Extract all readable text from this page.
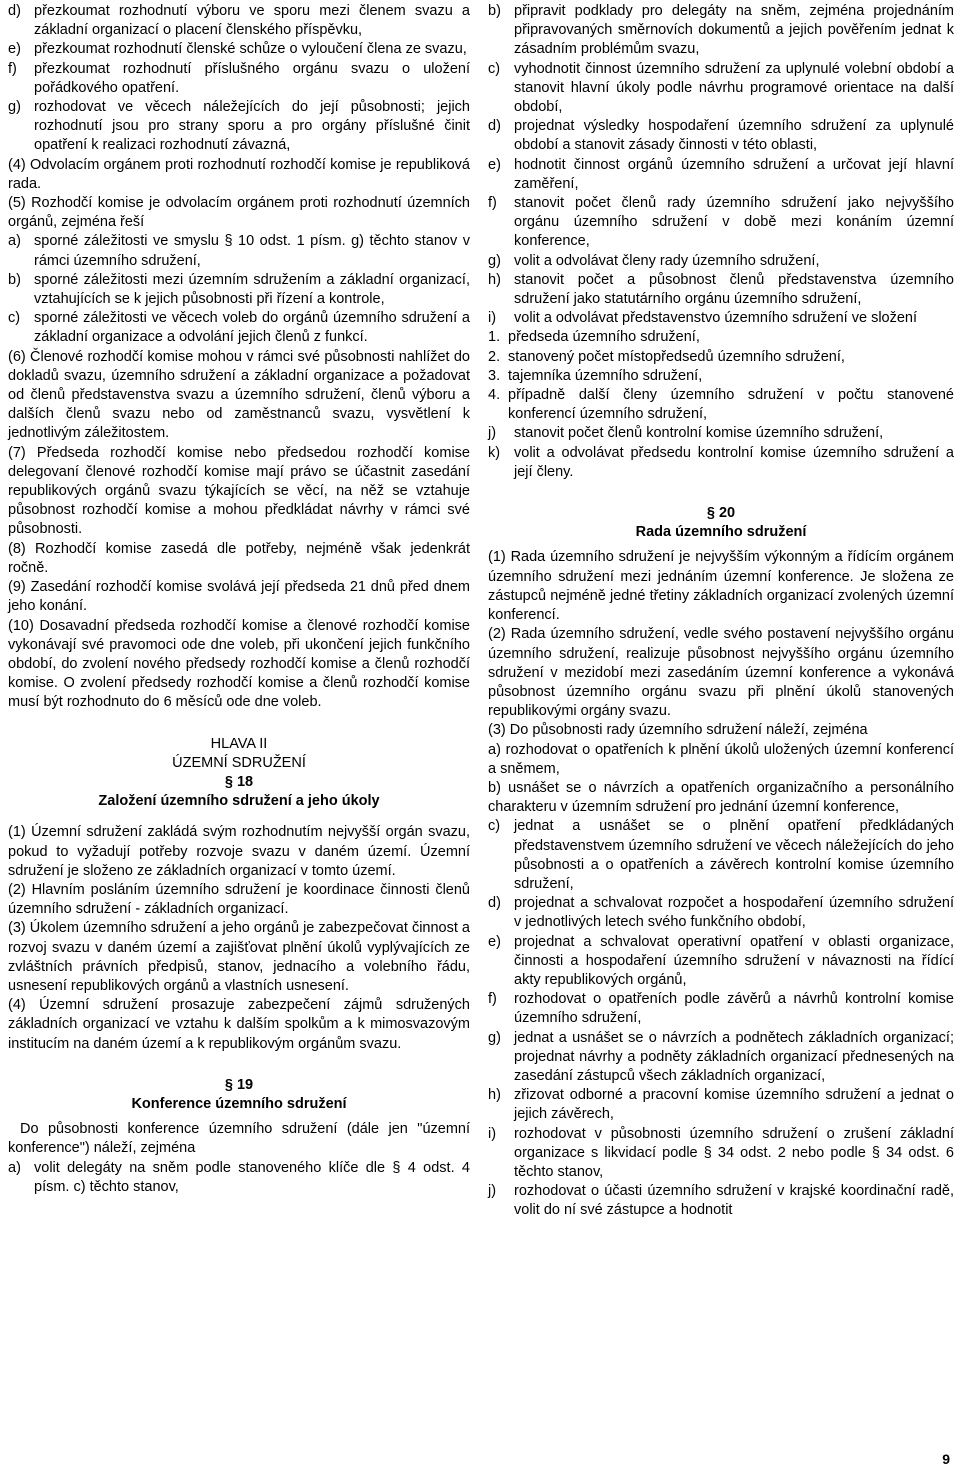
d) přezkoumat rozhodnutí výboru ve sporu mezi členem svazu a základní organizací o placení členského příspěvku,
e) přezkoumat rozhodnutí členské schůze o vyloučení člena ze svazu,
f)	přezkoumat rozhodnutí příslušného orgánu svazu o uložení pořádkového opatření.
g) rozhodovat ve věcech náležejících do její působnosti; jejich rozhodnutí jsou pro strany sporu a pro orgány příslušné činit opatření k realizaci rozhodnutí závazná,

(4) Odvolacím orgánem proti rozhodnutí rozhodčí komise je republiková rada.

(5) Rozhodčí komise je odvolacím orgánem proti rozhodnutí územních orgánů, zejména řeší

a) sporné záležitosti ve smyslu § 10 odst. 1 písm. g) těchto stanov v rámci územního sdružení,
b) sporné záležitosti mezi územním sdružením a základní organizací, vztahujících se k jejich působnosti při řízení a kontrole,
c) sporné záležitosti ve věcech voleb do orgánů územního sdružení a základní organizace a odvolání jejich členů z funkcí.

(6) Členové rozhodčí komise mohou v rámci své působnosti nahlížet do dokladů svazu, územního sdružení a základní organizace a požadovat od členů představenstva svazu a územního sdružení, členů výboru a dalších členů svazu nebo od zaměstnanců svazu, vysvětlení k jednotlivým záležitostem.

(7) Předseda rozhodčí komise nebo předsedou rozhodčí komise delegovaní členové rozhodčí komise mají právo se účastnit zasedání republikových orgánů svazu týkajících se věcí, na něž se vztahuje působnost rozhodčí komise a mohou předkládat návrhy v rámci své působnosti.

(8) Rozhodčí komise zasedá dle potřeby, nejméně však jedenkrát ročně.

(9) Zasedání rozhodčí komise svolává její předseda 21 dnů před dnem jeho konání.

(10) Dosavadní předseda rozhodčí komise a členové rozhodčí komise vykonávají své pravomoci ode dne voleb, při ukončení jejich funkčního období, do zvolení nového předsedy rozhodčí komise a členů rozhodčí komise. O zvolení předsedy rozhodčí komise a členů rozhodčí komise musí být rozhodnuto do 6 měsíců ode dne voleb.

HLAVA II

ÚZEMNÍ SDRUŽENÍ

§ 18

Založení územního sdružení a jeho úkoly

(1) Územní sdružení zakládá svým rozhodnutím nejvyšší orgán svazu, pokud to vyžadují potřeby rozvoje svazu v daném území. Územní sdružení je složeno ze základních organizací v tomto území.

(2) Hlavním posláním územního sdružení je koordinace činnosti členů územního sdružení - základních organizací.

(3) Úkolem územního sdružení a jeho orgánů je zabezpečovat činnost a rozvoj svazu v daném území a zajišťovat plnění úkolů vyplývajících ze zvláštních právních předpisů, stanov, jednacího a volebního řádu, usnesení republikových orgánů a vlastních usnesení.

(4) Územní sdružení prosazuje zabezpečení zájmů sdružených základních organizací ve vztahu k dalším spolkům a k mimosvazovým institucím na daném území a k republikovým orgánům svazu.

§ 19

Konference územního sdružení

Do působnosti konference územního sdružení (dále jen "územní konference") náleží, zejména

a) volit delegáty na sněm podle stanoveného klíče dle § 4 odst. 4 písm. c) těchto stanov,
b) připravit podklady pro delegáty na sněm, zejména projednáním připravovaných směrnovích dokumentů a jejich pověřením jednat k zásadním problémům svazu,
c) vyhodnotit činnost územního sdružení za uplynulé volební období a stanovit hlavní úkoly podle návrhu programové orientace na další období,
d) projednat výsledky hospodaření územního sdružení za uplynulé období a stanovit zásady činnosti v této oblasti,
e) hodnotit činnost orgánů územního sdružení a určovat její hlavní zaměření,
f)	stanovit počet členů rady územního sdružení jako nejvyššího orgánu územního sdružení v době mezi konáním územní konference,
g) volit a odvolávat členy rady územního sdružení,
h) stanovit počet a působnost členů představenstva územního sdružení jako statutárního orgánu územního sdružení,
i)	volit a odvolávat představenstvo územního sdružení ve složení
1. předseda územního sdružení,
2. stanovený počet místopředsedů územního sdružení,
3. tajemníka územního sdružení,
4. případně další členy územního sdružení v počtu stanovené konferencí územního sdružení,
j)	stanovit počet členů kontrolní komise územního sdružení,
k) volit a odvolávat předsedu kontrolní komise územního sdružení a její členy.

§ 20

Rada územního sdružení

(1) Rada územního sdružení je nejvyšším výkonným a řídícím orgánem územního sdružení mezi jednáním územní konference. Je složena ze zástupců nejméně jedné třetiny základních organizací zvolených územní konferencí.

(2) Rada územního sdružení, vedle svého postavení nejvyššího orgánu územního sdružení, realizuje působnost nejvyššího orgánu územního sdružení v mezidobí mezi zasedáním územní konference a vykonává působnost územního orgánu svazu při plnění úkolů stanovených republikovými orgány svazu.

(3) Do působnosti rady územního sdružení náleží, zejména

a) rozhodovat o opatřeních k plnění úkolů uložených územní konferencí a sněmem,

b) usnášet se o návrzích a opatřeních organizačního a personálního charakteru v územním sdružení pro jednání územní konference,

c) jednat a usnášet se o plnění opatření předkládaných představenstvem územního sdružení ve věcech náležejících do jeho působnosti a o opatřeních a závěrech kontrolní komise územního sdružení,
d) projednat a schvalovat rozpočet a hospodaření územního sdružení v jednotlivých letech svého funkčního období,
e) projednat a schvalovat operativní opatření v oblasti organizace, činnosti a hospodaření územního sdružení v návaznosti na řídící akty republikových orgánů,
f)	rozhodovat o opatřeních podle závěrů a návrhů kontrolní komise územního sdružení,
g) jednat a usnášet se o návrzích a podnětech základních organizací; projednat návrhy a podněty základních organizací přednesených na zasedání zástupců všech základních organizací,
h) zřizovat odborné a pracovní komise územního sdružení a jednat o jejich závěrech,
i)	rozhodovat v působnosti územního sdružení o zrušení základní organizace s likvidací podle § 34 odst. 2 nebo podle § 34 odst. 6 těchto stanov,
j)	rozhodovat o účasti územního sdružení v krajské koordinační radě, volit do ní své zástupce a hodnotit
9
